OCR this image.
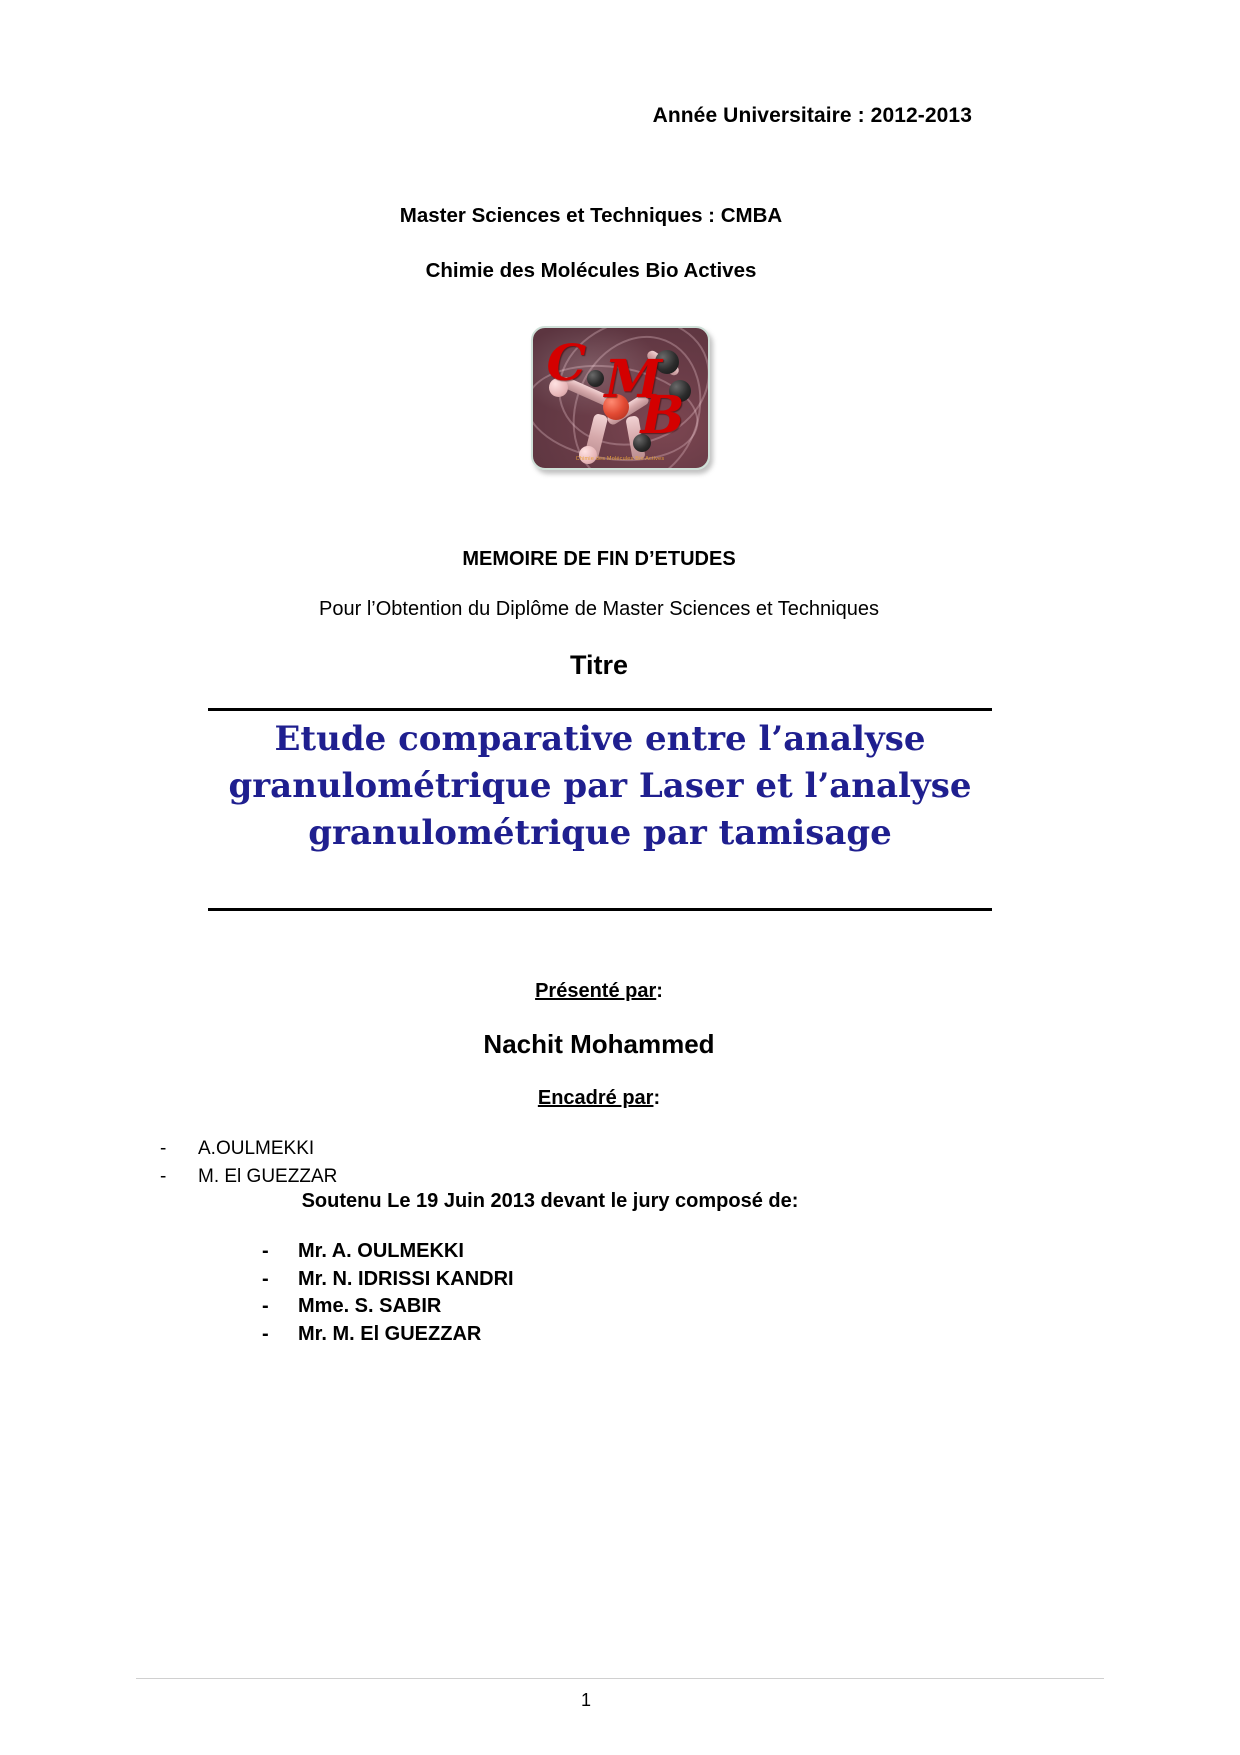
Année Universitaire : 2012-2013
Master Sciences et Techniques : CMBA
Chimie des Molécules Bio Actives
C M
B
Chimie des Molécules Bio Actives
MEMOIRE DE FIN D’ETUDES
Pour l’Obtention du Diplôme de Master Sciences et Techniques
Titre
Etude comparative entre l’analyse granulométrique par Laser et l’analyse granulométrique par tamisage
Présenté par:
Nachit Mohammed
Encadré par:
-	A.OULMEKKI
-	M. El GUEZZAR
Soutenu Le 19 Juin 2013 devant le jury composé de:
-	Mr. A. OULMEKKI
-	Mr. N. IDRISSI KANDRI
-	Mme. S. SABIR
-	Mr. M. El GUEZZAR
1
